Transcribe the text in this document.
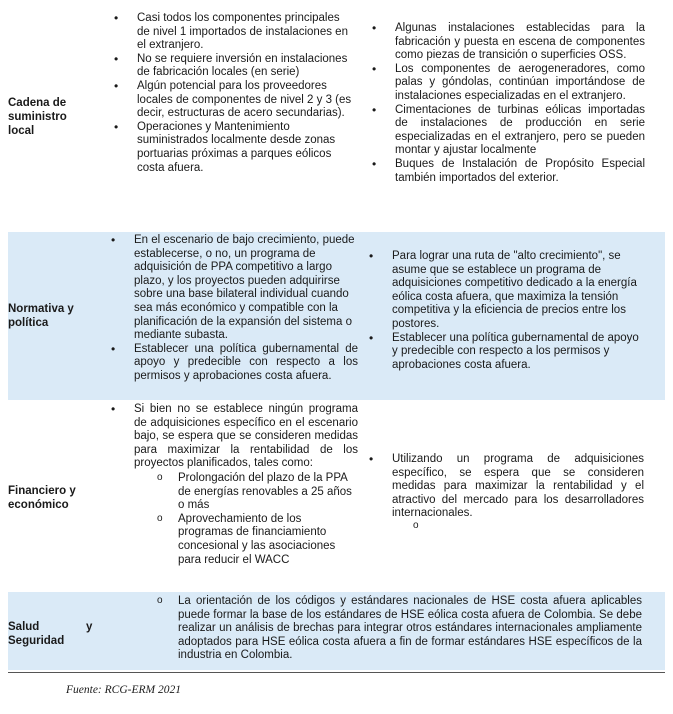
Cadena de suministro local
• Casi todos los componentes principales de nivel 1 importados de instalaciones en el extranjero.
• No se requiere inversión en instalaciones de fabricación locales (en serie)
• Algún potencial para los proveedores locales de componentes de nivel 2 y 3 (es decir, estructuras de acero secundarias).
• Operaciones y Mantenimiento suministrados localmente desde zonas portuarias próximas a parques eólicos costa afuera.
• Algunas instalaciones establecidas para la fabricación y puesta en escena de componentes como piezas de transición o superficies OSS.
• Los componentes de aerogeneradores, como palas y góndolas, continúan importándose de instalaciones especializadas en el extranjero.
• Cimentaciones de turbinas eólicas importadas de instalaciones de producción en serie especializadas en el extranjero, pero se pueden montar y ajustar localmente
• Buques de Instalación de Propósito Especial también importados del exterior.
Normativa y política
• En el escenario de bajo crecimiento, puede establecerse, o no, un programa de adquisición de PPA competitivo a largo plazo, y los proyectos pueden adquirirse sobre una base bilateral individual cuando sea más económico y compatible con la planificación de la expansión del sistema o mediante subasta.
• Establecer una política gubernamental de apoyo y predecible con respecto a los permisos y aprobaciones costa afuera.
• Para lograr una ruta de "alto crecimiento", se asume que se establece un programa de adquisiciones competitivo dedicado a la energía eólica costa afuera, que maximiza la tensión competitiva y la eficiencia de precios entre los postores.
• Establecer una política gubernamental de apoyo y predecible con respecto a los permisos y aprobaciones costa afuera.
Financiero y económico
• Si bien no se establece ningún programa de adquisiciones específico en el escenario bajo, se espera que se consideren medidas para maximizar la rentabilidad de los proyectos planificados, tales como:
o Prolongación del plazo de la PPA de energías renovables a 25 años o más
o Aprovechamiento de los programas de financiamiento concesional y las asociaciones para reducir el WACC
• Utilizando un programa de adquisiciones específico, se espera que se consideren medidas para maximizar la rentabilidad y el atractivo del mercado para los desarrolladores internacionales.
o
Salud	y

Seguridad
o La orientación de los códigos y estándares nacionales de HSE costa afuera aplicables puede formar la base de los estándares de HSE eólica costa afuera de Colombia. Se debe realizar un análisis de brechas para integrar otros estándares internacionales ampliamente adoptados para HSE eólica costa afuera a fin de formar estándares HSE específicos de la industria en Colombia.
Fuente: RCG-ERM 2021
